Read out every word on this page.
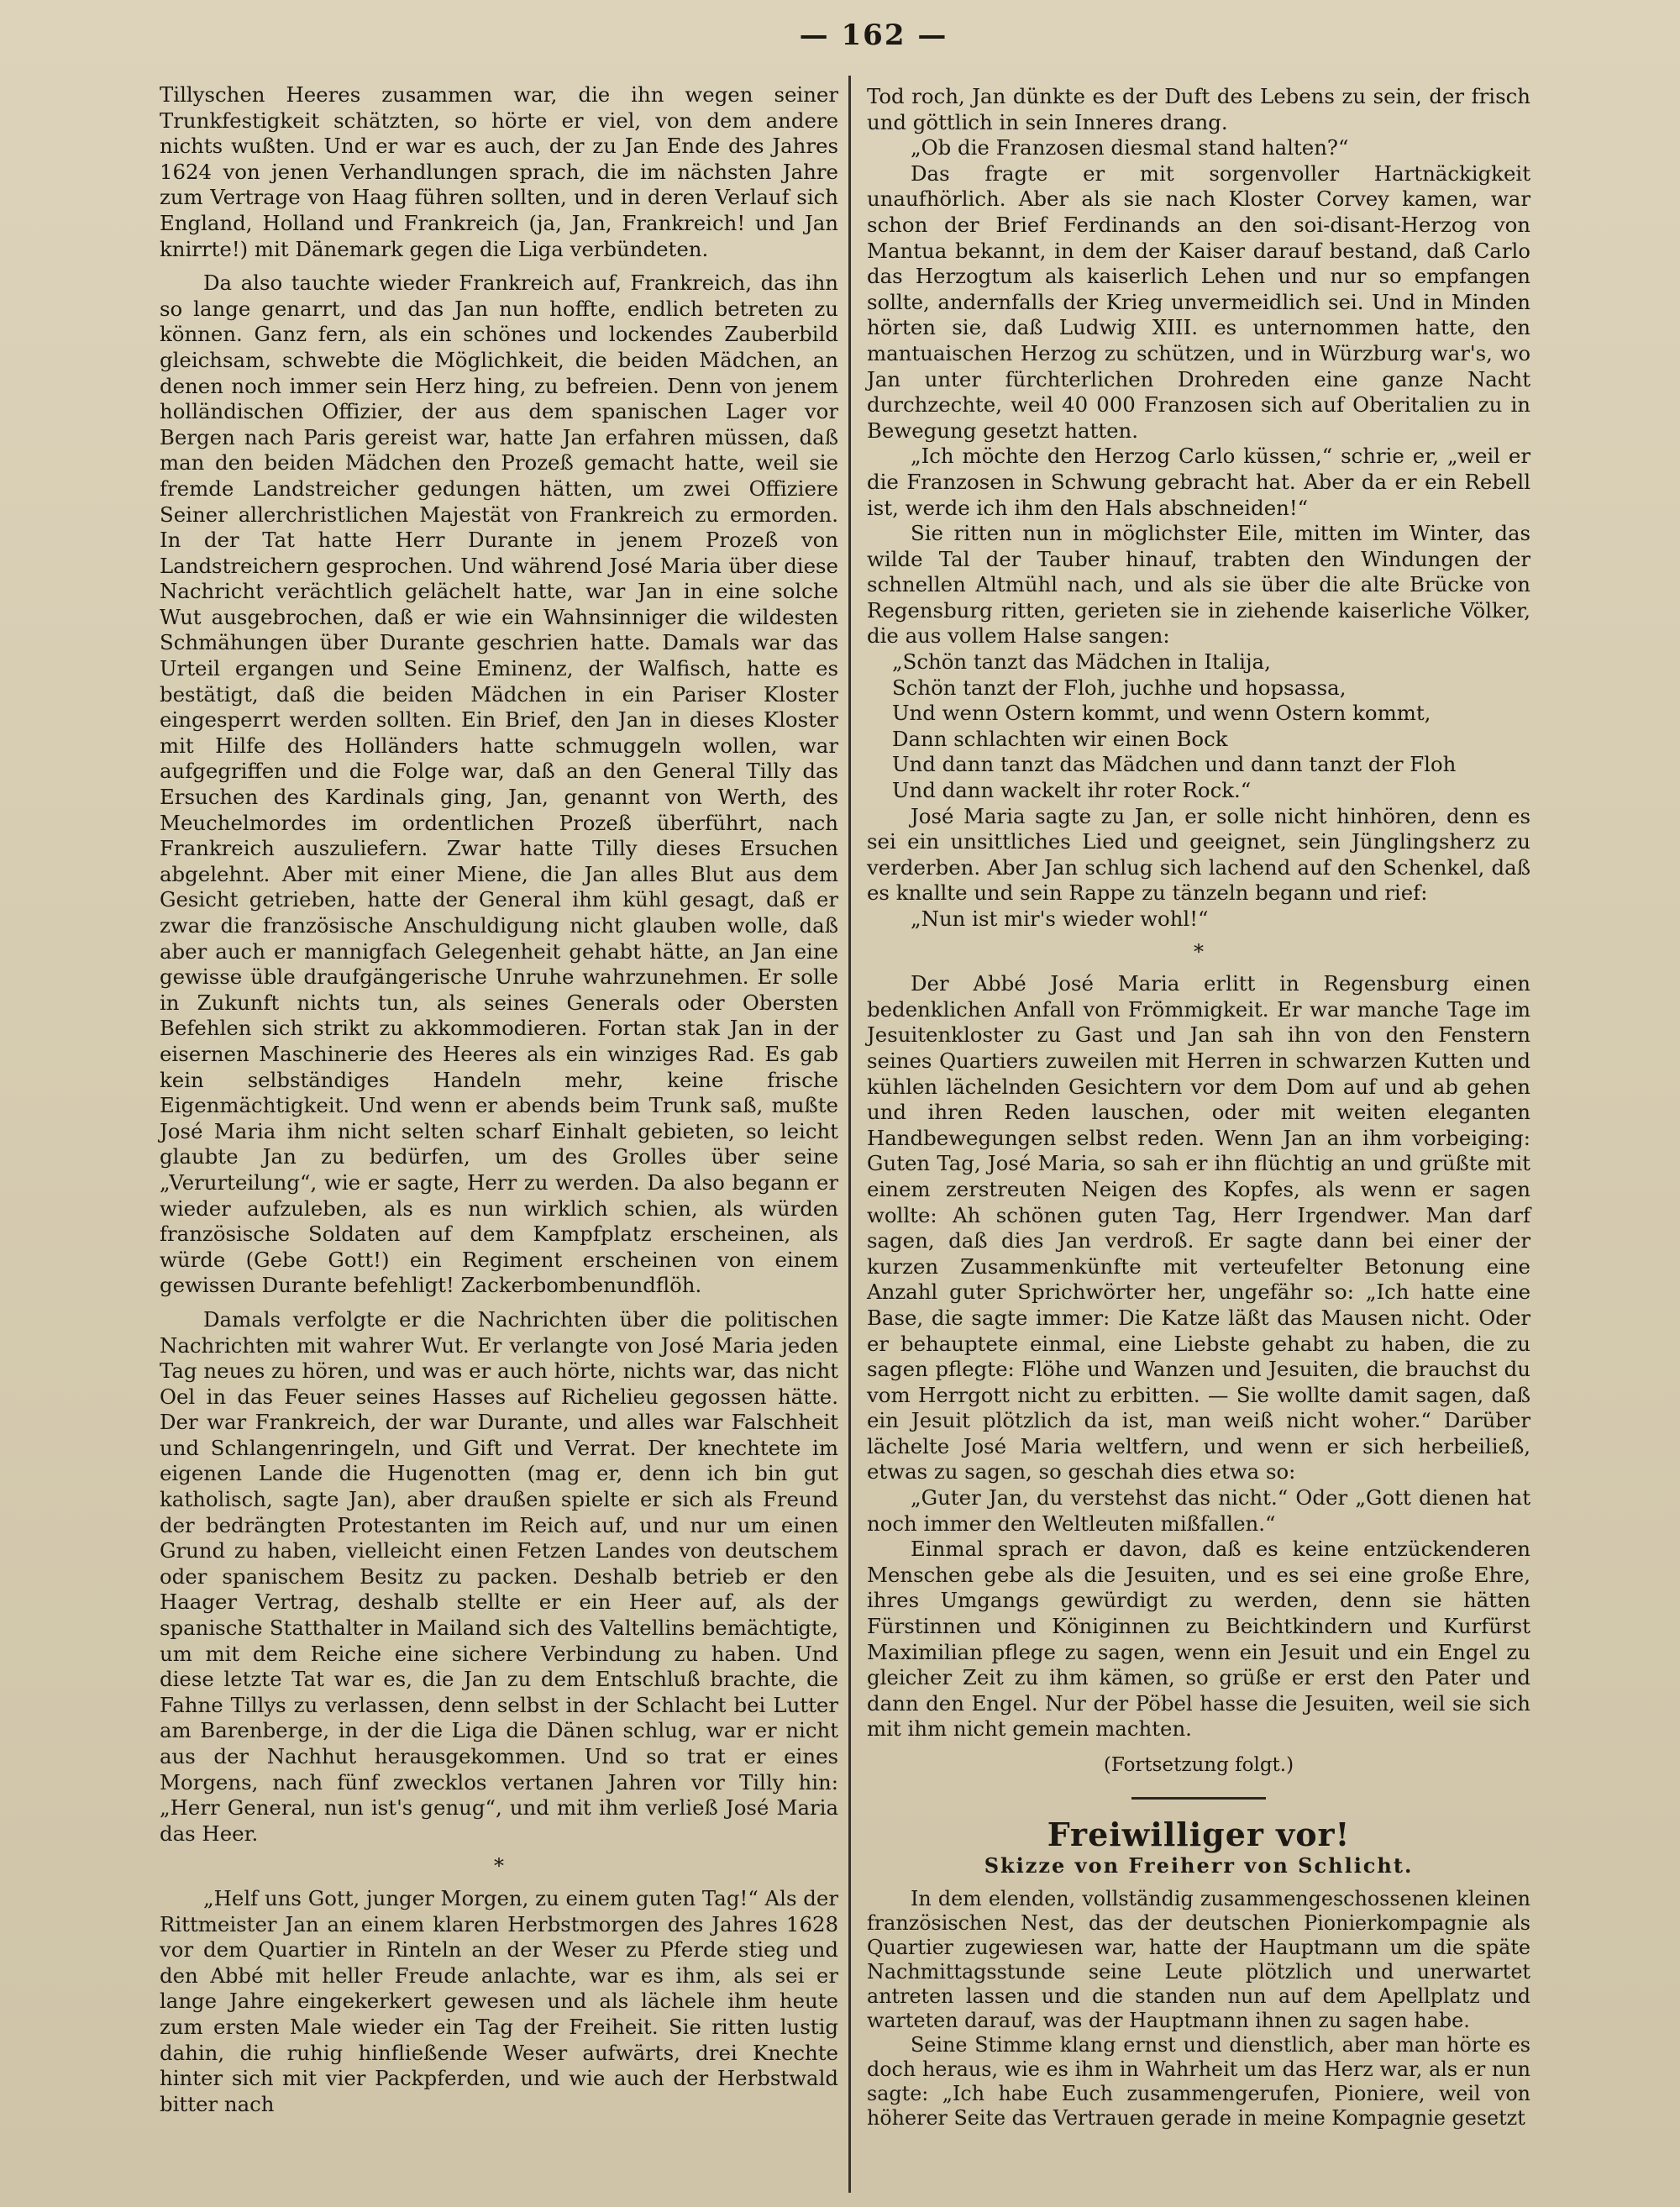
— 162 —

Tillyschen Heeres zusammen war, die ihn wegen seiner Trunkfestigkeit schätzten, so hörte er viel, von dem andere nichts wußten. Und er war es auch, der zu Jan Ende des Jahres 1624 von jenen Verhandlungen sprach, die im nächsten Jahre zum Vertrage von Haag führen sollten, und in deren Verlauf sich England, Holland und Frankreich (ja, Jan, Frankreich! und Jan knirrte!) mit Dänemark gegen die Liga verbündeten.

Da also tauchte wieder Frankreich auf, Frankreich, das ihn so lange genarrt, und das Jan nun hoffte, endlich betreten zu können. Ganz fern, als ein schönes und lockendes Zauberbild gleichsam, schwebte die Möglichkeit, die beiden Mädchen, an denen noch immer sein Herz hing, zu befreien. Denn von jenem holländischen Offizier, der aus dem spanischen Lager vor Bergen nach Paris gereist war, hatte Jan erfahren müssen, daß man den beiden Mädchen den Prozeß gemacht hatte, weil sie fremde Landstreicher gedungen hätten, um zwei Offiziere Seiner allerchristlichen Majestät von Frankreich zu ermorden. In der Tat hatte Herr Durante in jenem Prozeß von Landstreichern gesprochen. Und während José Maria über diese Nachricht verächtlich gelächelt hatte, war Jan in eine solche Wut ausgebrochen, daß er wie ein Wahnsinniger die wildesten Schmähungen über Durante geschrien hatte. Damals war das Urteil ergangen und Seine Eminenz, der Walfisch, hatte es bestätigt, daß die beiden Mädchen in ein Pariser Kloster eingesperrt werden sollten. Ein Brief, den Jan in dieses Kloster mit Hilfe des Holländers hatte schmuggeln wollen, war aufgegriffen und die Folge war, daß an den General Tilly das Ersuchen des Kardinals ging, Jan, genannt von Werth, des Meuchelmordes im ordentlichen Prozeß überführt, nach Frankreich auszuliefern. Zwar hatte Tilly dieses Ersuchen abgelehnt. Aber mit einer Miene, die Jan alles Blut aus dem Gesicht getrieben, hatte der General ihm kühl gesagt, daß er zwar die französische Anschuldigung nicht glauben wolle, daß aber auch er mannigfach Gelegenheit gehabt hätte, an Jan eine gewisse üble draufgängerische Unruhe wahrzunehmen. Er solle in Zukunft nichts tun, als seines Generals oder Obersten Befehlen sich strikt zu akkommodieren. Fortan stak Jan in der eisernen Maschinerie des Heeres als ein winziges Rad. Es gab kein selbständiges Handeln mehr, keine frische Eigenmächtigkeit. Und wenn er abends beim Trunk saß, mußte José Maria ihm nicht selten scharf Einhalt gebieten, so leicht glaubte Jan zu bedürfen, um des Grolles über seine „Verurteilung“, wie er sagte, Herr zu werden. Da also begann er wieder aufzuleben, als es nun wirklich schien, als würden französische Soldaten auf dem Kampfplatz erscheinen, als würde (Gebe Gott!) ein Regiment erscheinen von einem gewissen Durante befehligt! Zackerbombenundflöh.

Damals verfolgte er die Nachrichten über die politischen Nachrichten mit wahrer Wut. Er verlangte von José Maria jeden Tag neues zu hören, und was er auch hörte, nichts war, das nicht Oel in das Feuer seines Hasses auf Richelieu gegossen hätte. Der war Frankreich, der war Durante, und alles war Falschheit und Schlangenringeln, und Gift und Verrat. Der knechtete im eigenen Lande die Hugenotten (mag er, denn ich bin gut katholisch, sagte Jan), aber draußen spielte er sich als Freund der bedrängten Protestanten im Reich auf, und nur um einen Grund zu haben, vielleicht einen Fetzen Landes von deutschem oder spanischem Besitz zu packen. Deshalb betrieb er den Haager Vertrag, deshalb stellte er ein Heer auf, als der spanische Statthalter in Mailand sich des Valtellins bemächtigte, um mit dem Reiche eine sichere Verbindung zu haben. Und diese letzte Tat war es, die Jan zu dem Entschluß brachte, die Fahne Tillys zu verlassen, denn selbst in der Schlacht bei Lutter am Barenberge, in der die Liga die Dänen schlug, war er nicht aus der Nachhut herausgekommen. Und so trat er eines Morgens, nach fünf zwecklos vertanen Jahren vor Tilly hin: „Herr General, nun ist's genug“, und mit ihm verließ José Maria das Heer.

*

„Helf uns Gott, junger Morgen, zu einem guten Tag!“ Als der Rittmeister Jan an einem klaren Herbstmorgen des Jahres 1628 vor dem Quartier in Rinteln an der Weser zu Pferde stieg und den Abbé mit heller Freude anlachte, war es ihm, als sei er lange Jahre eingekerkert gewesen und als lächele ihm heute zum ersten Male wieder ein Tag der Freiheit. Sie ritten lustig dahin, die ruhig hinfließende Weser aufwärts, drei Knechte hinter sich mit vier Packpferden, und wie auch der Herbstwald bitter nach

Tod roch, Jan dünkte es der Duft des Lebens zu sein, der frisch und göttlich in sein Inneres drang.

„Ob die Franzosen diesmal stand halten?“

Das fragte er mit sorgenvoller Hartnäckigkeit unaufhörlich. Aber als sie nach Kloster Corvey kamen, war schon der Brief Ferdinands an den soi-disant-Herzog von Mantua bekannt, in dem der Kaiser darauf bestand, daß Carlo das Herzogtum als kaiserlich Lehen und nur so empfangen sollte, andernfalls der Krieg unvermeidlich sei. Und in Minden hörten sie, daß Ludwig XIII. es unternommen hatte, den mantuaischen Herzog zu schützen, und in Würzburg war's, wo Jan unter fürchterlichen Drohreden eine ganze Nacht durchzechte, weil 40 000 Franzosen sich auf Oberitalien zu in Bewegung gesetzt hatten.

„Ich möchte den Herzog Carlo küssen,“ schrie er, „weil er die Franzosen in Schwung gebracht hat. Aber da er ein Rebell ist, werde ich ihm den Hals abschneiden!“

Sie ritten nun in möglichster Eile, mitten im Winter, das wilde Tal der Tauber hinauf, trabten den Windungen der schnellen Altmühl nach, und als sie über die alte Brücke von Regensburg ritten, gerieten sie in ziehende kaiserliche Völker, die aus vollem Halse sangen:

„Schön tanzt das Mädchen in Italija,
Schön tanzt der Floh, juchhe und hopsassa,
Und wenn Ostern kommt, und wenn Ostern kommt,
Dann schlachten wir einen Bock
Und dann tanzt das Mädchen und dann tanzt der Floh
Und dann wackelt ihr roter Rock.“

José Maria sagte zu Jan, er solle nicht hinhören, denn es sei ein unsittliches Lied und geeignet, sein Jünglingsherz zu verderben. Aber Jan schlug sich lachend auf den Schenkel, daß es knallte und sein Rappe zu tänzeln begann und rief:

„Nun ist mir's wieder wohl!“

*

Der Abbé José Maria erlitt in Regensburg einen bedenklichen Anfall von Frömmigkeit. Er war manche Tage im Jesuitenkloster zu Gast und Jan sah ihn von den Fenstern seines Quartiers zuweilen mit Herren in schwarzen Kutten und kühlen lächelnden Gesichtern vor dem Dom auf und ab gehen und ihren Reden lauschen, oder mit weiten eleganten Handbewegungen selbst reden. Wenn Jan an ihm vorbeiging: Guten Tag, José Maria, so sah er ihn flüchtig an und grüßte mit einem zerstreuten Neigen des Kopfes, als wenn er sagen wollte: Ah schönen guten Tag, Herr Irgendwer. Man darf sagen, daß dies Jan verdroß. Er sagte dann bei einer der kurzen Zusammenkünfte mit verteufelter Betonung eine Anzahl guter Sprichwörter her, ungefähr so: „Ich hatte eine Base, die sagte immer: Die Katze läßt das Mausen nicht. Oder er behauptete einmal, eine Liebste gehabt zu haben, die zu sagen pflegte: Flöhe und Wanzen und Jesuiten, die brauchst du vom Herrgott nicht zu erbitten. — Sie wollte damit sagen, daß ein Jesuit plötzlich da ist, man weiß nicht woher.“ Darüber lächelte José Maria weltfern, und wenn er sich herbeiließ, etwas zu sagen, so geschah dies etwa so:

„Guter Jan, du verstehst das nicht.“ Oder „Gott dienen hat noch immer den Weltleuten mißfallen.“

Einmal sprach er davon, daß es keine entzückenderen Menschen gebe als die Jesuiten, und es sei eine große Ehre, ihres Umgangs gewürdigt zu werden, denn sie hätten Fürstinnen und Königinnen zu Beichtkindern und Kurfürst Maximilian pflege zu sagen, wenn ein Jesuit und ein Engel zu gleicher Zeit zu ihm kämen, so grüße er erst den Pater und dann den Engel. Nur der Pöbel hasse die Jesuiten, weil sie sich mit ihm nicht gemein machten.

(Fortsetzung folgt.)
Freiwilliger vor!
Skizze von Freiherr von Schlicht.

In dem elenden, vollständig zusammengeschossenen kleinen französischen Nest, das der deutschen Pionierkompagnie als Quartier zugewiesen war, hatte der Hauptmann um die späte Nachmittagsstunde seine Leute plötzlich und unerwartet antreten lassen und die standen nun auf dem Apellplatz und warteten darauf, was der Hauptmann ihnen zu sagen habe.

Seine Stimme klang ernst und dienstlich, aber man hörte es doch heraus, wie es ihm in Wahrheit um das Herz war, als er nun sagte: „Ich habe Euch zusammengerufen, Pioniere, weil von höherer Seite das Vertrauen gerade in meine Kompagnie gesetzt
